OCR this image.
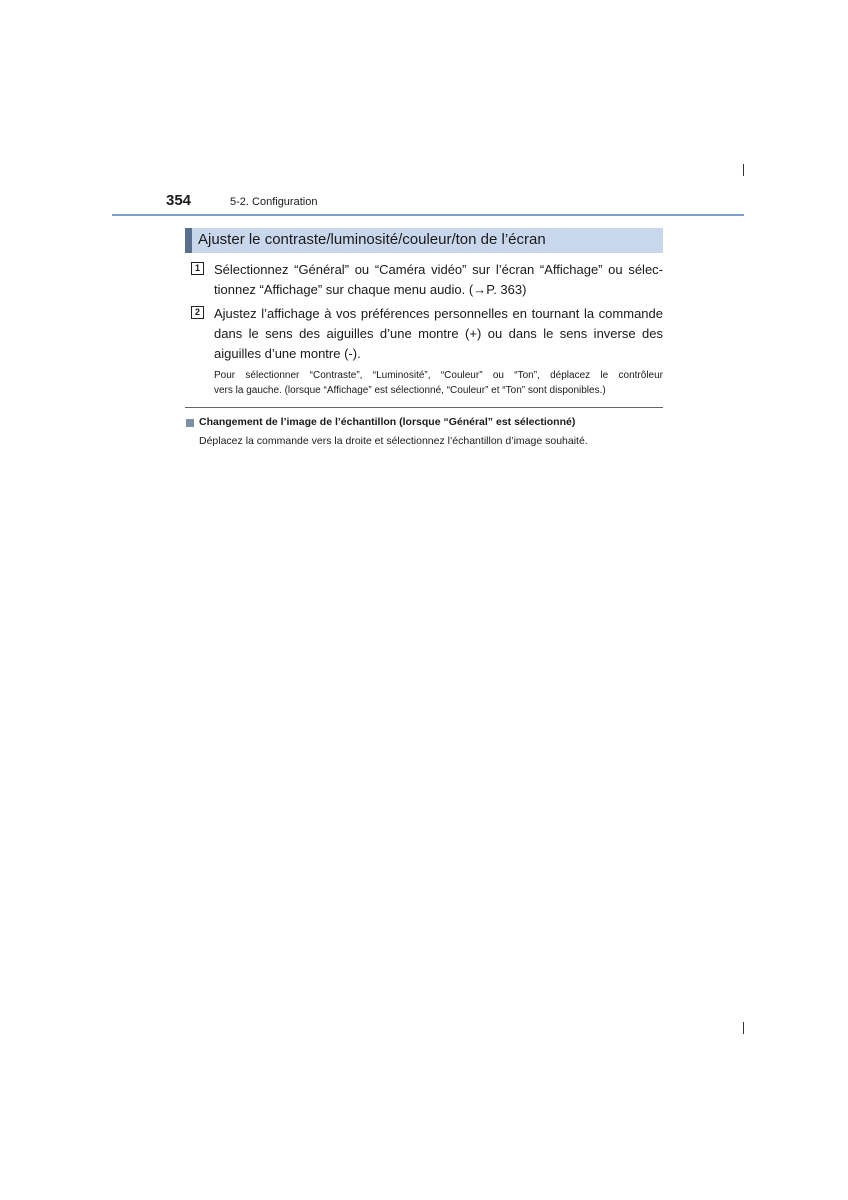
354	5-2. Configuration
Ajuster le contraste/luminosité/couleur/ton de l’écran
1	Sélectionnez “Général” ou “Caméra vidéo” sur l’écran “Affichage” ou sélec-
tionnez “Affichage” sur chaque menu audio. (→P. 363)
2	Ajustez l’affichage à vos préférences personnelles en tournant la commande
dans le sens des aiguilles d’une montre (+) ou dans le sens inverse des
aiguilles d’une montre (-).
Pour sélectionner “Contraste”, “Luminosité”, “Couleur” ou “Ton”, déplacez le contrôleur
vers la gauche. (lorsque “Affichage” est sélectionné, “Couleur” et “Ton” sont disponibles.)
Changement de l’image de l’échantillon (lorsque “Général” est sélectionné)
Déplacez la commande vers la droite et sélectionnez l’échantillon d’image souhaité.
